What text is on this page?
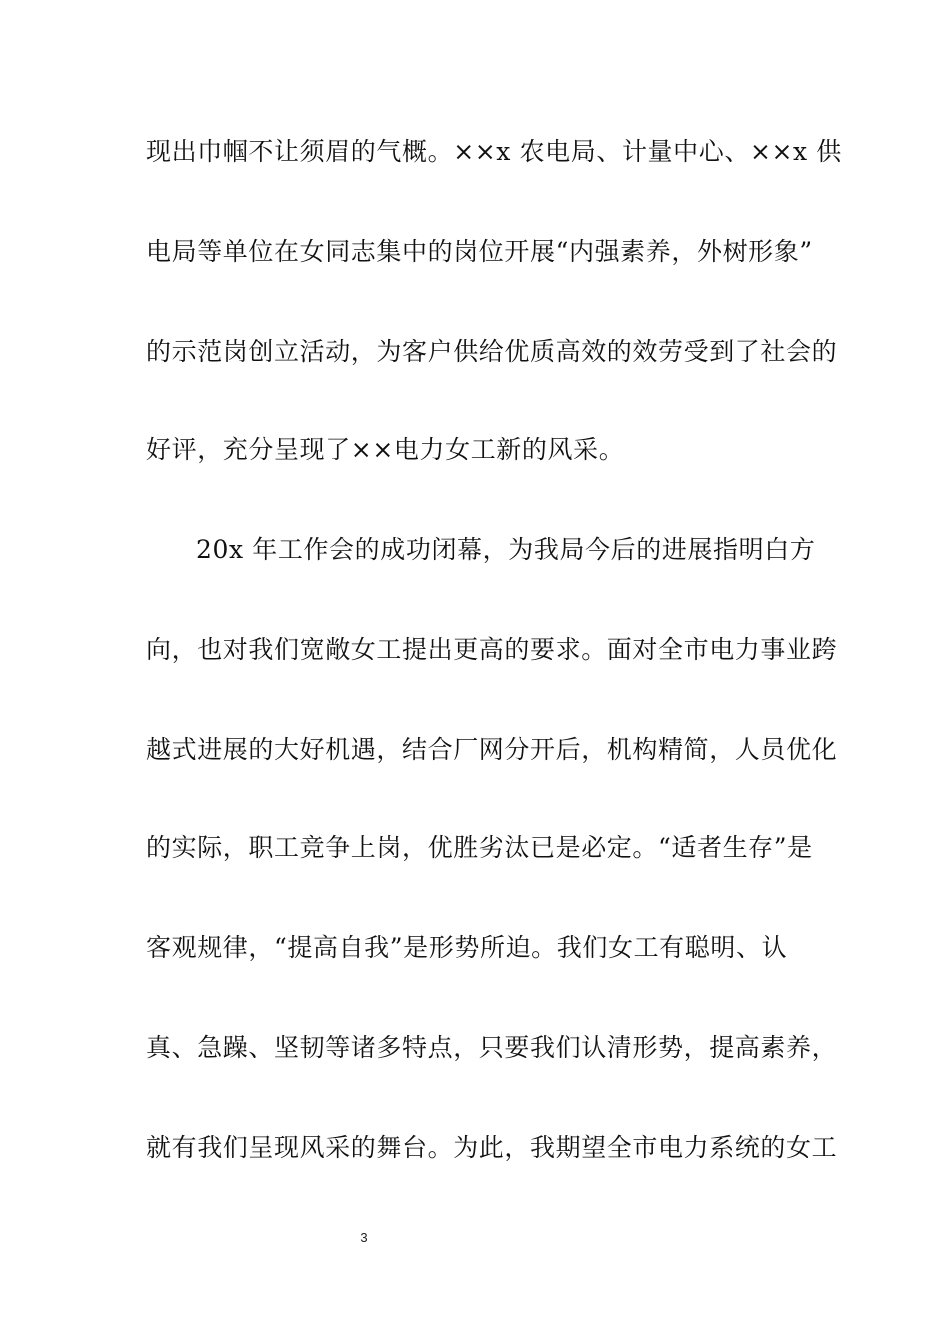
现出巾帼不让须眉的气概。××x 农电局、计量中心、××x 供
电局等单位在女同志集中的岗位开展“内强素养，外树形象”
的示范岗创立活动，为客户供给优质高效的效劳受到了社会的
好评，充分呈现了××电力女工新的风采。
20x 年工作会的成功闭幕，为我局今后的进展指明白方
向，也对我们宽敞女工提出更高的要求。面对全市电力事业跨
越式进展的大好机遇，结合厂网分开后，机构精简，人员优化
的实际，职工竞争上岗，优胜劣汰已是必定。“适者生存”是
客观规律，“提高自我”是形势所迫。我们女工有聪明、认
真、急躁、坚韧等诸多特点，只要我们认清形势，提高素养，
就有我们呈现风采的舞台。为此，我期望全市电力系统的女工
3
